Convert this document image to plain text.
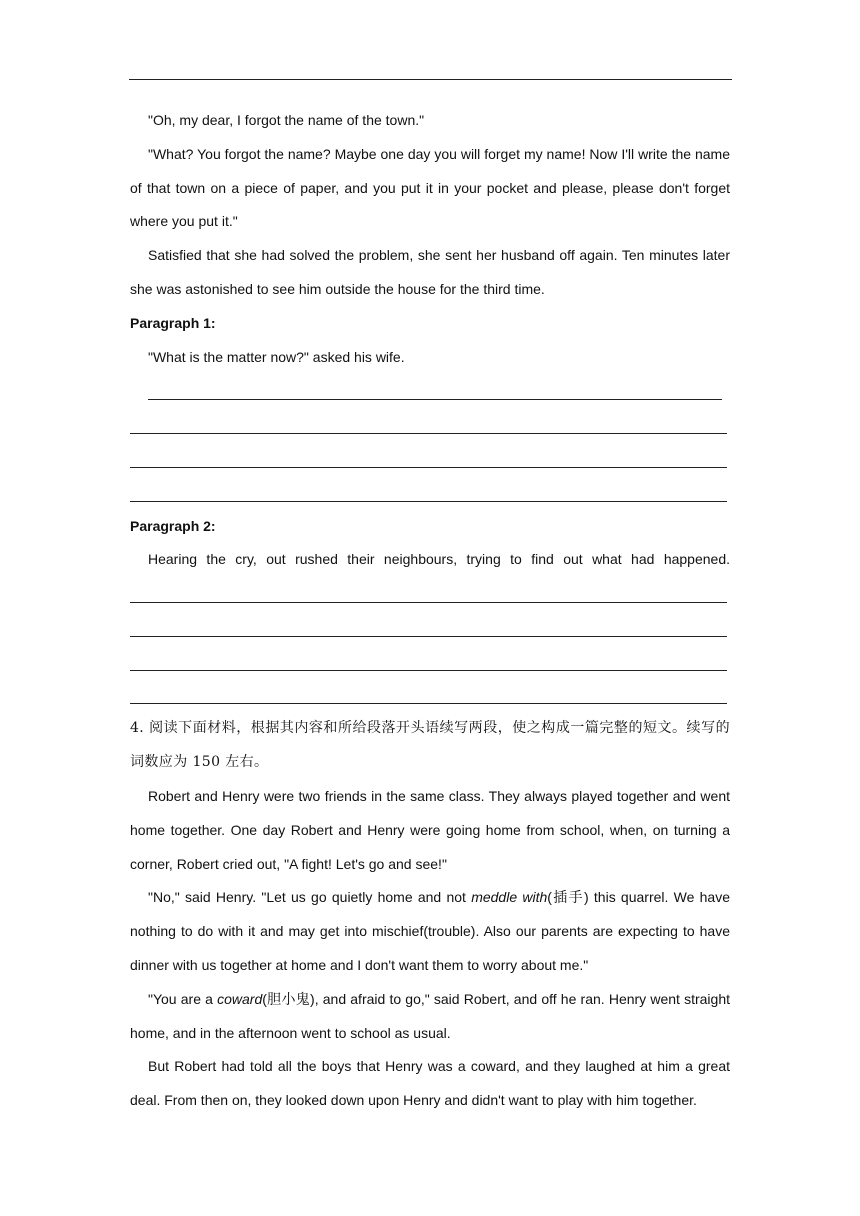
"Oh, my dear, I forgot the name of the town."

"What? You forgot the name? Maybe one day you will forget my name! Now I'll write the name of that town on a piece of paper, and you put it in your pocket and please, please don't forget where you put it."

Satisfied that she had solved the problem, she sent her husband off again. Ten minutes later she was astonished to see him outside the house for the third time.

Paragraph 1:

"What is the matter now?" asked his wife.

Paragraph 2:

Hearing the cry, out rushed their neighbours, trying to find out what had happened.

4. 阅读下面材料，根据其内容和所给段落开头语续写两段，使之构成一篇完整的短文。续写的词数应为 150 左右。

Robert and Henry were two friends in the same class. They always played together and went home together. One day Robert and Henry were going home from school, when, on turning a corner, Robert cried out, "A fight! Let's go and see!"

"No," said Henry. "Let us go quietly home and not meddle with(插手) this quarrel. We have nothing to do with it and may get into mischief(trouble). Also our parents are expecting to have dinner with us together at home and I don't want them to worry about me."

"You are a coward(胆小鬼), and afraid to go," said Robert, and off he ran. Henry went straight home, and in the afternoon went to school as usual.

But Robert had told all the boys that Henry was a coward, and they laughed at him a great deal. From then on, they looked down upon Henry and didn't want to play with him together.
